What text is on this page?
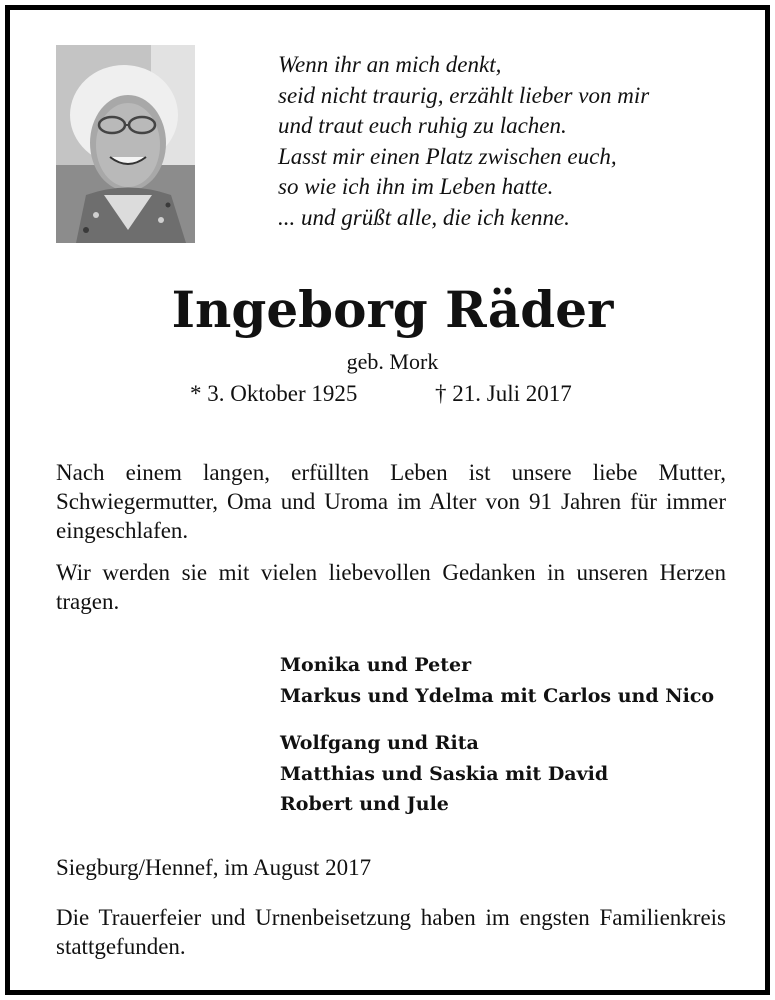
Wenn ihr an mich denkt,
seid nicht traurig, erzählt lieber von mir
und traut euch ruhig zu lachen.
Lasst mir einen Platz zwischen euch,
so wie ich ihn im Leben hatte.
... und grüßt alle, die ich kenne.
Ingeborg Räder
geb. Mork
* 3. Oktober 1925	† 21. Juli 2017
Nach einem langen, erfüllten Leben ist unsere liebe Mutter, Schwiegermutter, Oma und Uroma im Alter von 91 Jahren für immer eingeschlafen.
Wir werden sie mit vielen liebevollen Gedanken in unseren Herzen tragen.
Monika und Peter
Markus und Ydelma mit Carlos und Nico
Wolfgang und Rita
Matthias und Saskia mit David
Robert und Jule
Siegburg/Hennef, im August 2017
Die Trauerfeier und Urnenbeisetzung haben im engsten Familienkreis stattgefunden.
